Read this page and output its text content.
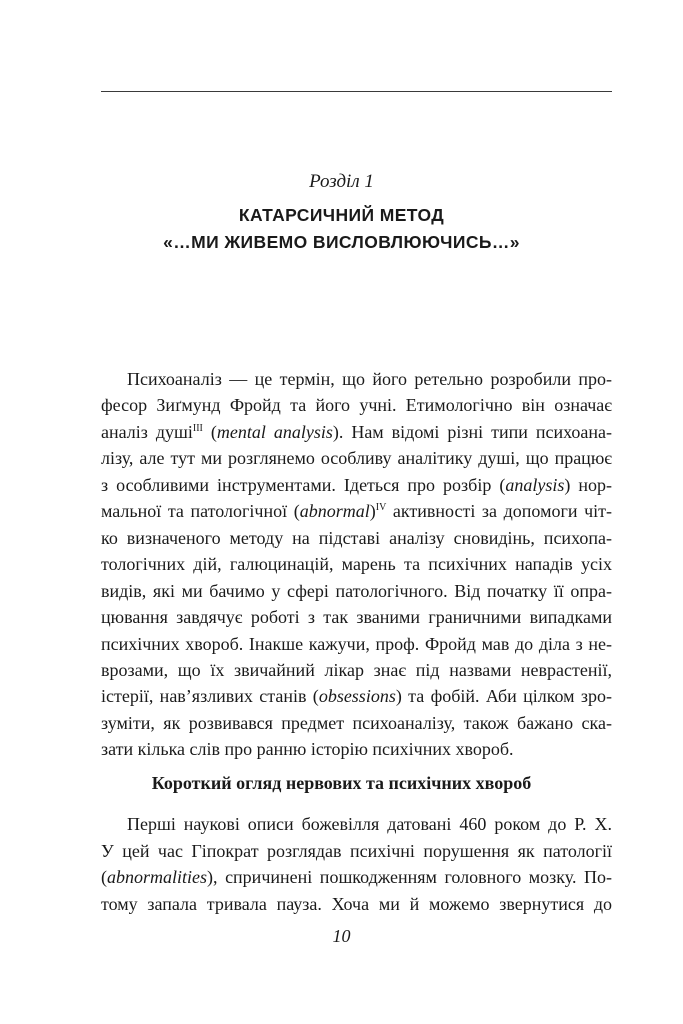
Розділ 1
КАТАРСИЧНИЙ МЕТОД
«…МИ ЖИВЕМО ВИСЛОВЛЮЮЧИСЬ…»
Психоаналіз — це термін, що його ретельно розробили про-
фесор Зиґмунд Фройд та його учні. Етимологічно він означає
аналіз душі$^{III}$ (mental analysis). Нам відомі різні типи психоана-
лізу, але тут ми розглянемо особливу аналітику душі, що працює
з особливими інструментами. Ідеться про розбір (analysis) нор-
мальної та патологічної (abnormal)$^{IV}$ активності за допомоги чіт-
ко визначеного методу на підставі аналізу сновидінь, психопа-
тологічних дій, галюцинацій, марень та психічних нападів усіх
видів, які ми бачимо у сфері патологічного. Від початку її опра-
цювання завдячує роботі з так званими граничними випадками
психічних хвороб. Інакше кажучи, проф. Фройд мав до діла з не-
врозами, що їх звичайний лікар знає під назвами неврастенії,
істерії, нав’язливих станів (obsessions) та фобій. Аби цілком зро-
зуміти, як розвивався предмет психоаналізу, також бажано ска-
зати кілька слів про ранню історію психічних хвороб.
Короткий огляд нервових та психічних хвороб
Перші наукові описи божевілля датовані 460 роком до Р. Х.
У цей час Гіпократ розглядав психічні порушення як патології
(abnormalities), спричинені пошкодженням головного мозку. По-
тому запала тривала пауза. Хоча ми й можемо звернутися до
10
